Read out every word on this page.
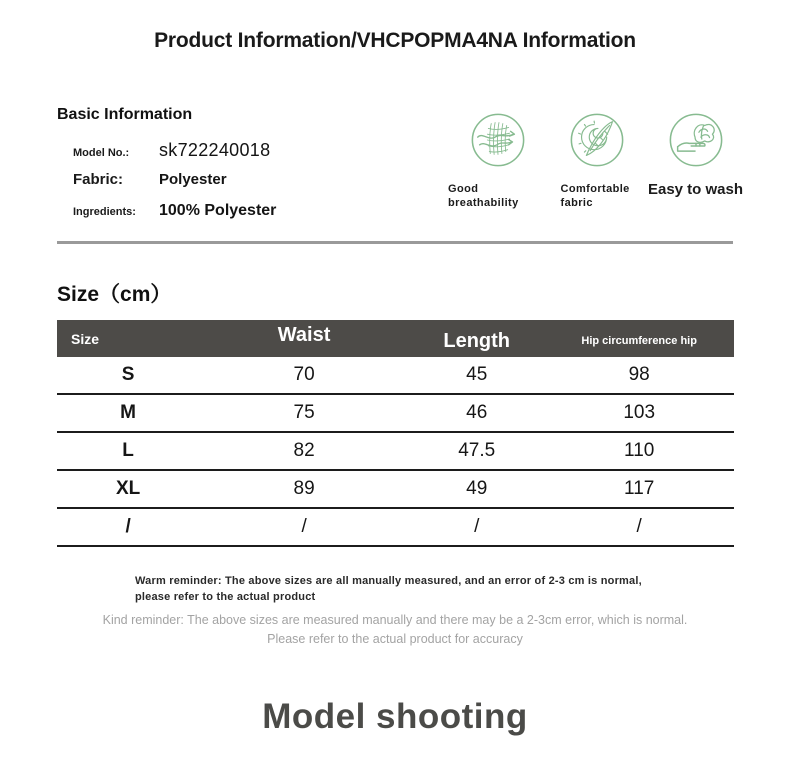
Product Information/VHCPOPMA4NA Information
Basic Information
Model No.:	sk722240018
Fabric:	Polyester
Ingredients:	100% Polyester
Good breathability
Comfortable fabric
Easy to wash
Size（cm）
Size	Waist	Length	Hip circumference hip
S	70	45	98
M	75	46	103
L	82	47.5	110
XL	89	49	117
/	/	/	/
Warm reminder: The above sizes are all manually measured, and an error of 2-3 cm is normal, please refer to the actual product
Kind reminder: The above sizes are measured manually and there may be a 2-3cm error, which is normal. Please refer to the actual product for accuracy
Model shooting
